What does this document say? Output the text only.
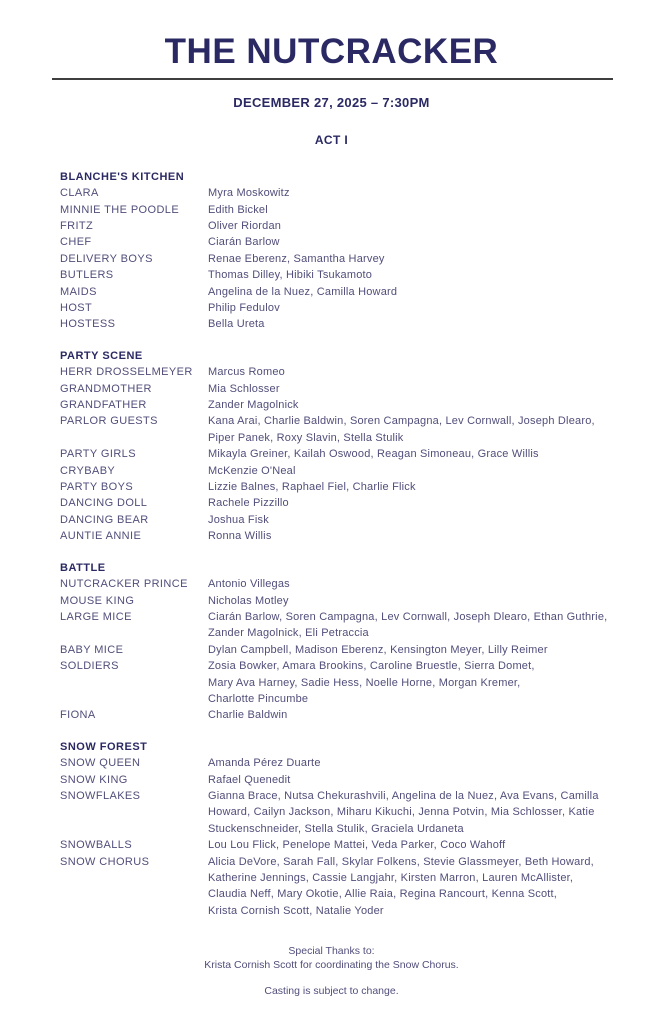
THE NUTCRACKER
DECEMBER 27, 2025 – 7:30PM
ACT I
BLANCHE'S KITCHEN
CLARA	Myra Moskowitz
MINNIE THE POODLE	Edith Bickel
FRITZ	Oliver Riordan
CHEF	Ciarán Barlow
DELIVERY BOYS	Renae Eberenz, Samantha Harvey
BUTLERS	Thomas Dilley, Hibiki Tsukamoto
MAIDS	Angelina de la Nuez, Camilla Howard
HOST	Philip Fedulov
HOSTESS	Bella Ureta
PARTY SCENE
HERR DROSSELMEYER	Marcus Romeo
GRANDMOTHER	Mia Schlosser
GRANDFATHER	Zander Magolnick
PARLOR GUESTS	Kana Arai, Charlie Baldwin, Soren Campagna, Lev Cornwall, Joseph Dlearo,
Piper Panek, Roxy Slavin, Stella Stulik
PARTY GIRLS	Mikayla Greiner, Kailah Oswood, Reagan Simoneau, Grace Willis
CRYBABY	McKenzie O'Neal
PARTY BOYS	Lizzie Balnes, Raphael Fiel, Charlie Flick
DANCING DOLL	Rachele Pizzillo
DANCING BEAR	Joshua Fisk
AUNTIE ANNIE	Ronna Willis
BATTLE
NUTCRACKER PRINCE	Antonio Villegas
MOUSE KING	Nicholas Motley
LARGE MICE	Ciarán Barlow, Soren Campagna, Lev Cornwall, Joseph Dlearo, Ethan Guthrie,
Zander Magolnick, Eli Petraccia
BABY MICE	Dylan Campbell, Madison Eberenz, Kensington Meyer, Lilly Reimer
SOLDIERS	Zosia Bowker, Amara Brookins, Caroline Bruestle, Sierra Domet,
Mary Ava Harney, Sadie Hess, Noelle Horne, Morgan Kremer,
Charlotte Pincumbe
FIONA	Charlie Baldwin
SNOW FOREST
SNOW QUEEN	Amanda Pérez Duarte
SNOW KING	Rafael Quenedit
SNOWFLAKES	Gianna Brace, Nutsa Chekurashvili, Angelina de la Nuez, Ava Evans, Camilla
Howard, Cailyn Jackson, Miharu Kikuchi, Jenna Potvin, Mia Schlosser, Katie
Stuckenschneider, Stella Stulik, Graciela Urdaneta
SNOWBALLS	Lou Lou Flick, Penelope Mattei, Veda Parker, Coco Wahoff
SNOW CHORUS	Alicia DeVore, Sarah Fall, Skylar Folkens, Stevie Glassmeyer, Beth Howard,
Katherine Jennings, Cassie Langjahr, Kirsten Marron, Lauren McAllister,
Claudia Neff, Mary Okotie, Allie Raia, Regina Rancourt, Kenna Scott,
Krista Cornish Scott, Natalie Yoder
Special Thanks to:
Krista Cornish Scott for coordinating the Snow Chorus.
Casting is subject to change.
